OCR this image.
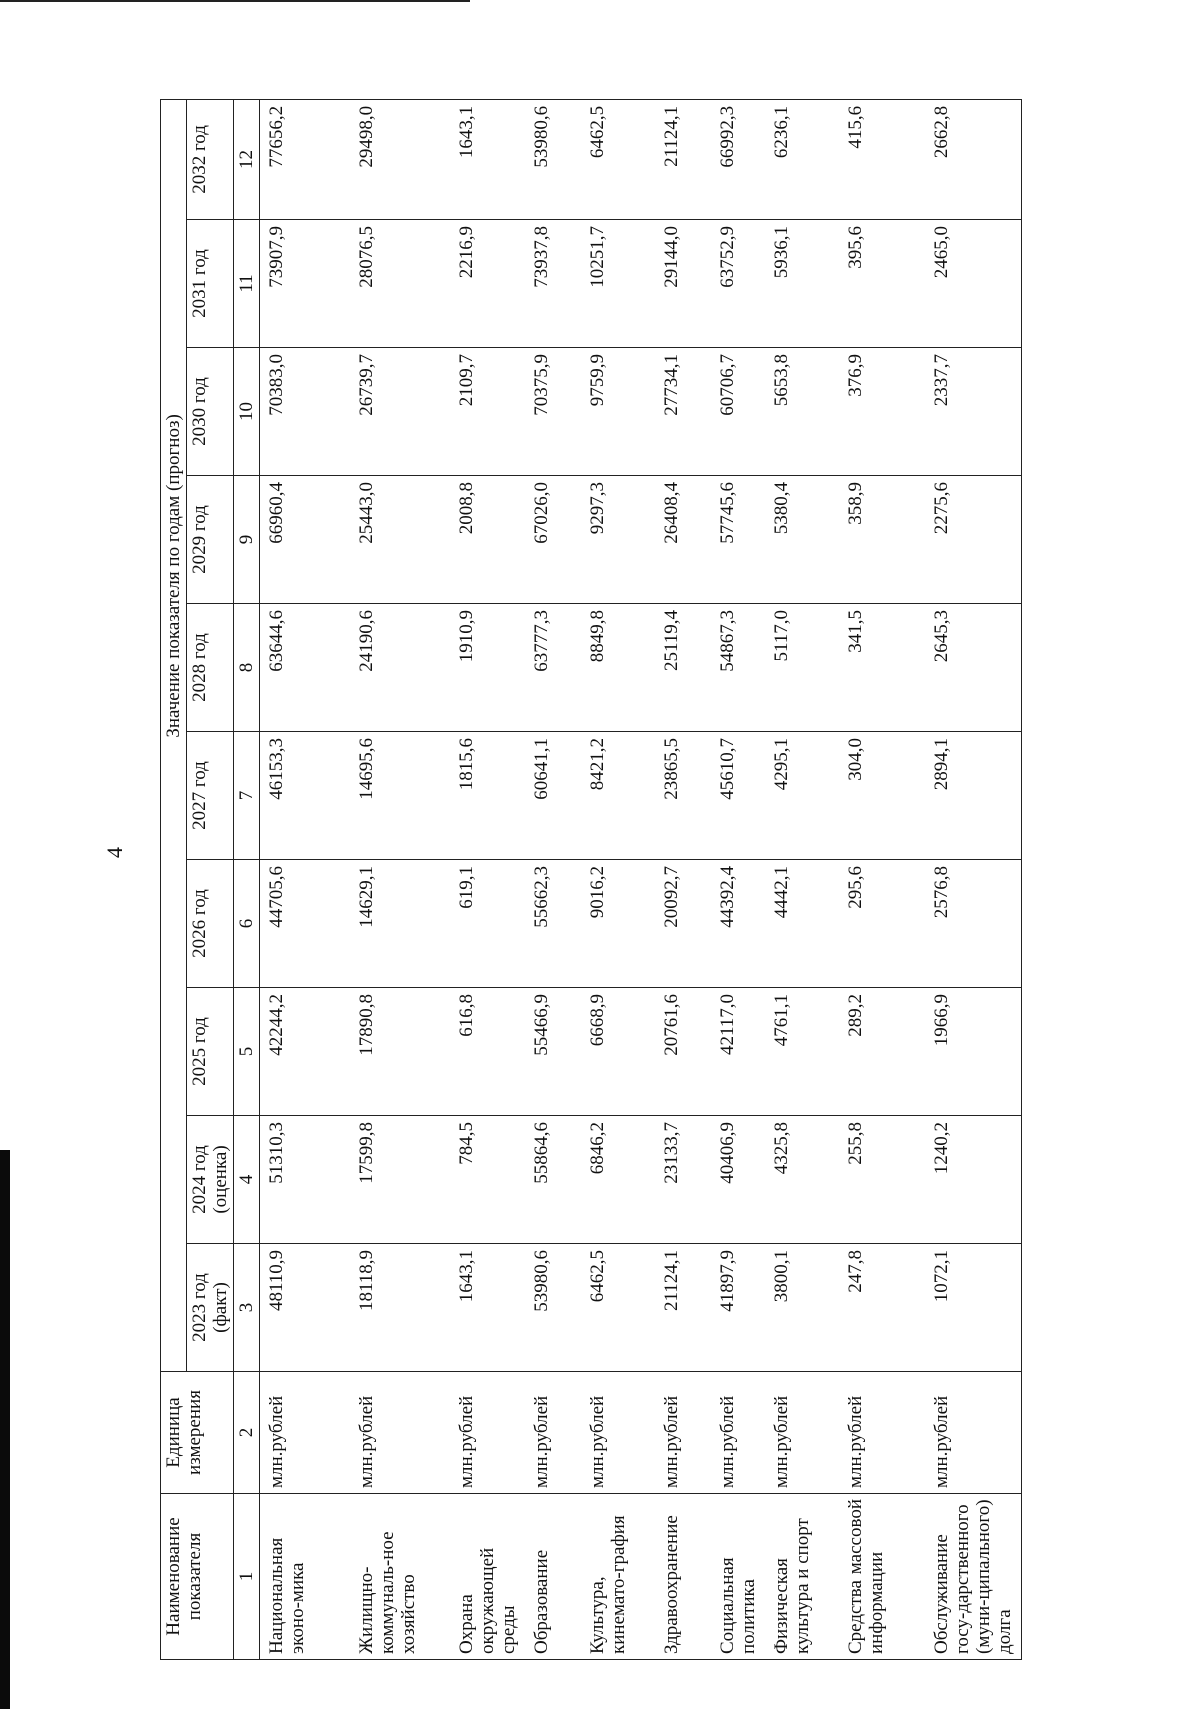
4
Наименование показателя	Единица измерения	Значение показателя по годам (прогноз)									
		2023 год (факт)	2024 год (оценка)	2025 год	2026 год	2027 год	2028 год	2029 год	2030 год	2031 год	2032 год
1	2	3	4	5	6	7	8	9	10	11	12
Национальная эконо-мика	млн.рублей	48110,9	51310,3	42244,2	44705,6	46153,3	63644,6	66960,4	70383,0	73907,9	77656,2
Жилищно-коммуналь-ное хозяйство	млн.рублей	18118,9	17599,8	17890,8	14629,1	14695,6	24190,6	25443,0	26739,7	28076,5	29498,0
Охрана окружающей среды	млн.рублей	1643,1	784,5	616,8	619,1	1815,6	1910,9	2008,8	2109,7	2216,9	1643,1
Образование	млн.рублей	53980,6	55864,6	55466,9	55662,3	60641,1	63777,3	67026,0	70375,9	73937,8	53980,6
Культура, кинемато-графия	млн.рублей	6462,5	6846,2	6668,9	9016,2	8421,2	8849,8	9297,3	9759,9	10251,7	6462,5
Здравоохранение	млн.рублей	21124,1	23133,7	20761,6	20092,7	23865,5	25119,4	26408,4	27734,1	29144,0	21124,1
Социальная политика	млн.рублей	41897,9	40406,9	42117,0	44392,4	45610,7	54867,3	57745,6	60706,7	63752,9	66992,3
Физическая культура и спорт	млн.рублей	3800,1	4325,8	4761,1	4442,1	4295,1	5117,0	5380,4	5653,8	5936,1	6236,1
Средства массовой информации	млн.рублей	247,8	255,8	289,2	295,6	304,0	341,5	358,9	376,9	395,6	415,6
Обслуживание госу-дарственного (муни-ципального) долга	млн.рублей	1072,1	1240,2	1966,9	2576,8	2894,1	2645,3	2275,6	2337,7	2465,0	2662,8
